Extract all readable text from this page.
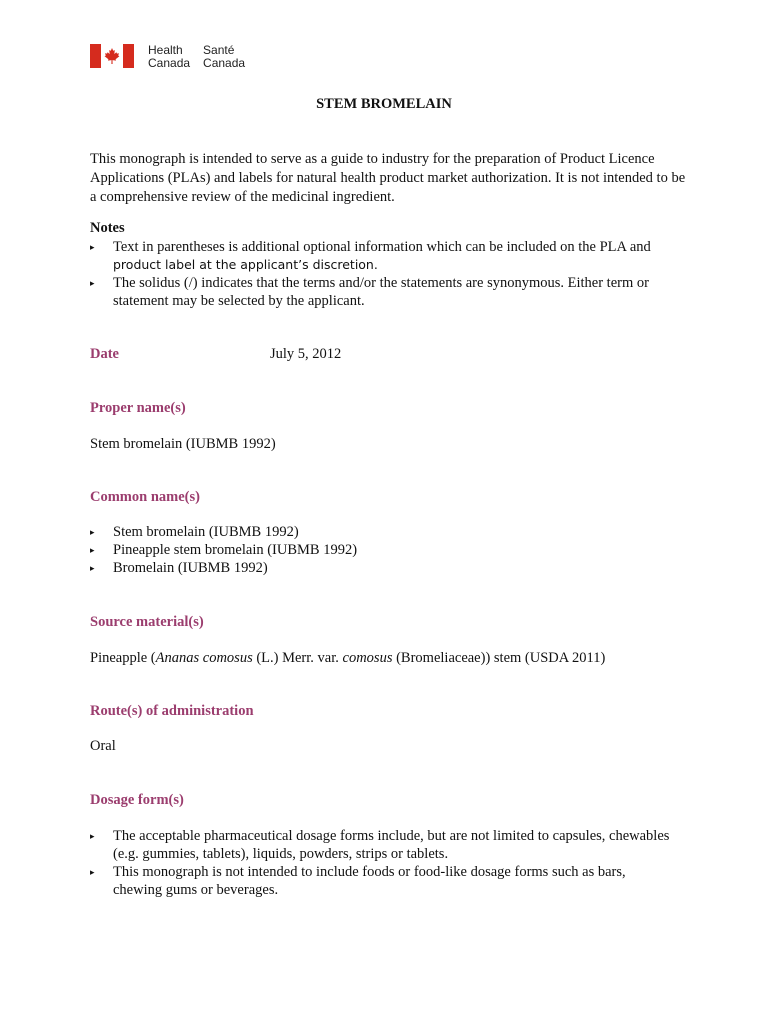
Health	Santé
Canada Canada
STEM BROMELAIN
This monograph is intended to serve as a guide to industry for the preparation of Product Licence Applications (PLAs) and labels for natural health product market authorization. It is not intended to be a comprehensive review of the medicinal ingredient.
Notes
▸ Text in parentheses is additional optional information which can be included on the PLA and
product label at the applicant’s discretion.
▸ The solidus (/) indicates that the terms and/or the statements are synonymous. Either term or statement may be selected by the applicant.
Date	July 5, 2012
Proper name(s)
Stem bromelain (IUBMB 1992)
Common name(s)
▸ Stem bromelain (IUBMB 1992)
▸ Pineapple stem bromelain (IUBMB 1992)
▸ Bromelain (IUBMB 1992)
Source material(s)
Pineapple (Ananas comosus (L.) Merr. var. comosus (Bromeliaceae)) stem (USDA 2011)
Route(s) of administration
Oral
Dosage form(s)
▸ The acceptable pharmaceutical dosage forms include, but are not limited to capsules, chewables (e.g. gummies, tablets), liquids, powders, strips or tablets.
▸ This monograph is not intended to include foods or food-like dosage forms such as bars, chewing gums or beverages.
